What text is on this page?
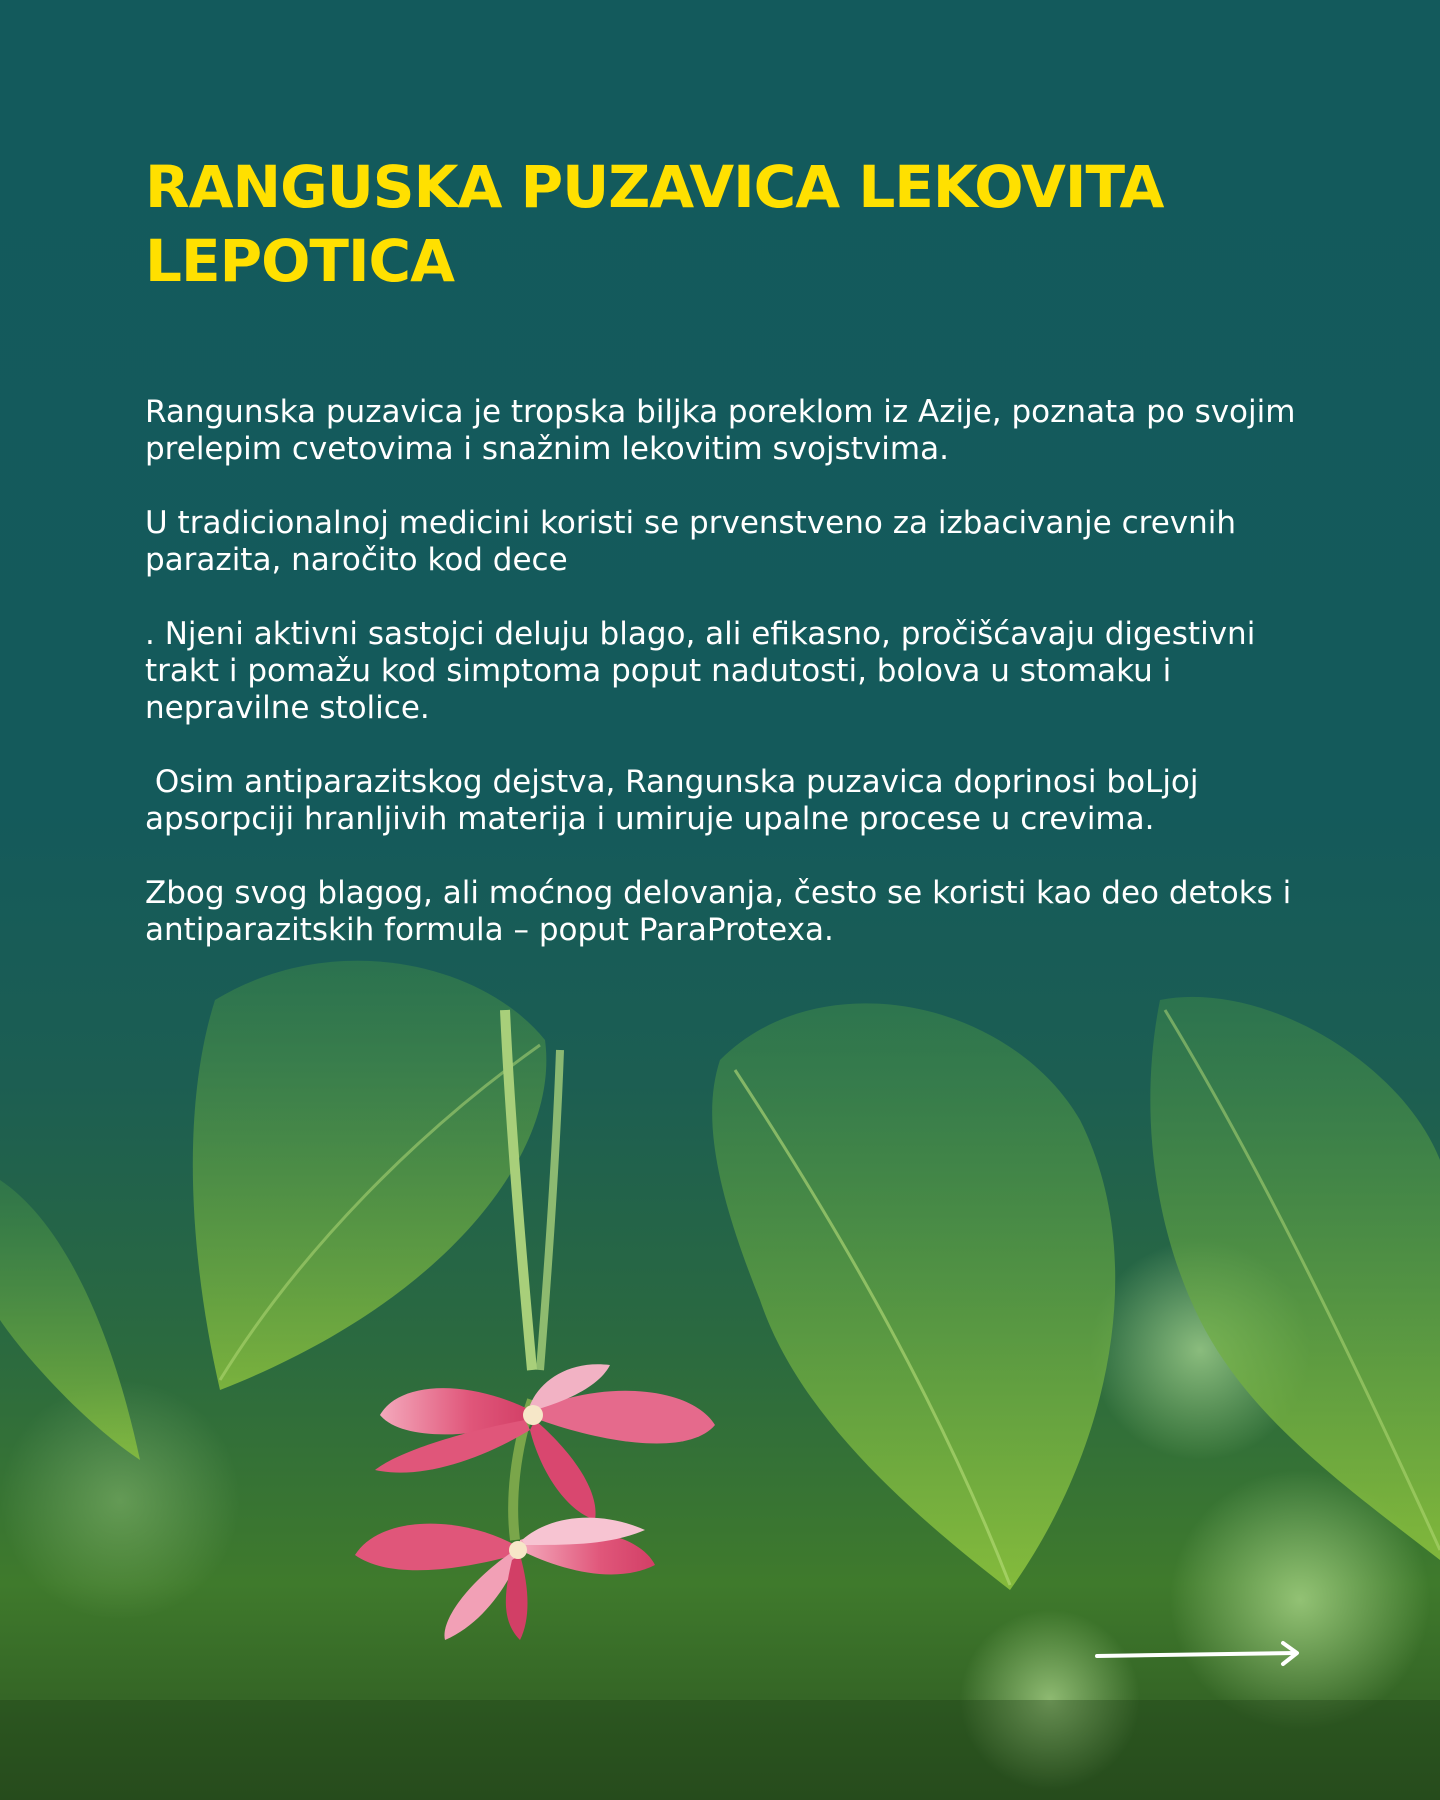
RANGUSKA PUZAVICA LEKOVITA LEPOTICA

Rangunska puzavica je tropska biljka poreklom iz Azije, poznata po svojim prelepim cvetovima i snažnim lekovitim svojstvima.

U tradicionalnoj medicini koristi se prvenstveno za izbacivanje crevnih parazita, naročito kod dece

. Njeni aktivni sastojci deluju blago, ali efikasno, pročišćavaju digestivni trakt i pomažu kod simptoma poput nadutosti, bolova u stomaku i nepravilne stolice.

Osim antiparazitskog dejstva, Rangunska puzavica doprinosi boLjoj apsorpciji hranljivih materija i umiruje upalne procese u crevima.

Zbog svog blagog, ali moćnog delovanja, često se koristi kao deo detoks i antiparazitskih formula – poput ParaProtexa.
